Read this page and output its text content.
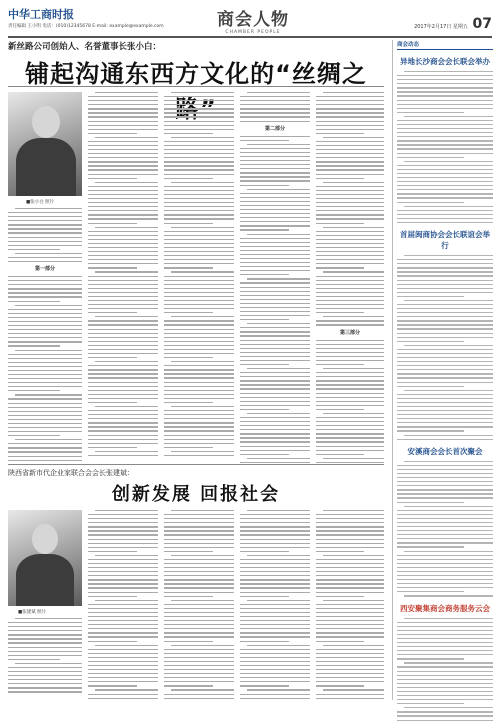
中华工商时报
责任编辑 王小明 电话：(010)12345678 E-mail: example@example.com	商会人物
CHAMBER PEOPLE
2017年2月17日 星期五 07
新丝路公司创始人、名誉董事长张小白：
铺起沟通东西方文化的“丝绸之
■张小白 照片
第一部分
第二部分
第三部分
陕西省新市代企业家联合会会长张建斌：
创新发展 回报社会
■张建斌 照片
商会动态
异地长沙商会会长联会举办
首届闽商协会会长联谊会举行
安溪商会会长首次聚会
西安聚集商会商务服务云会
